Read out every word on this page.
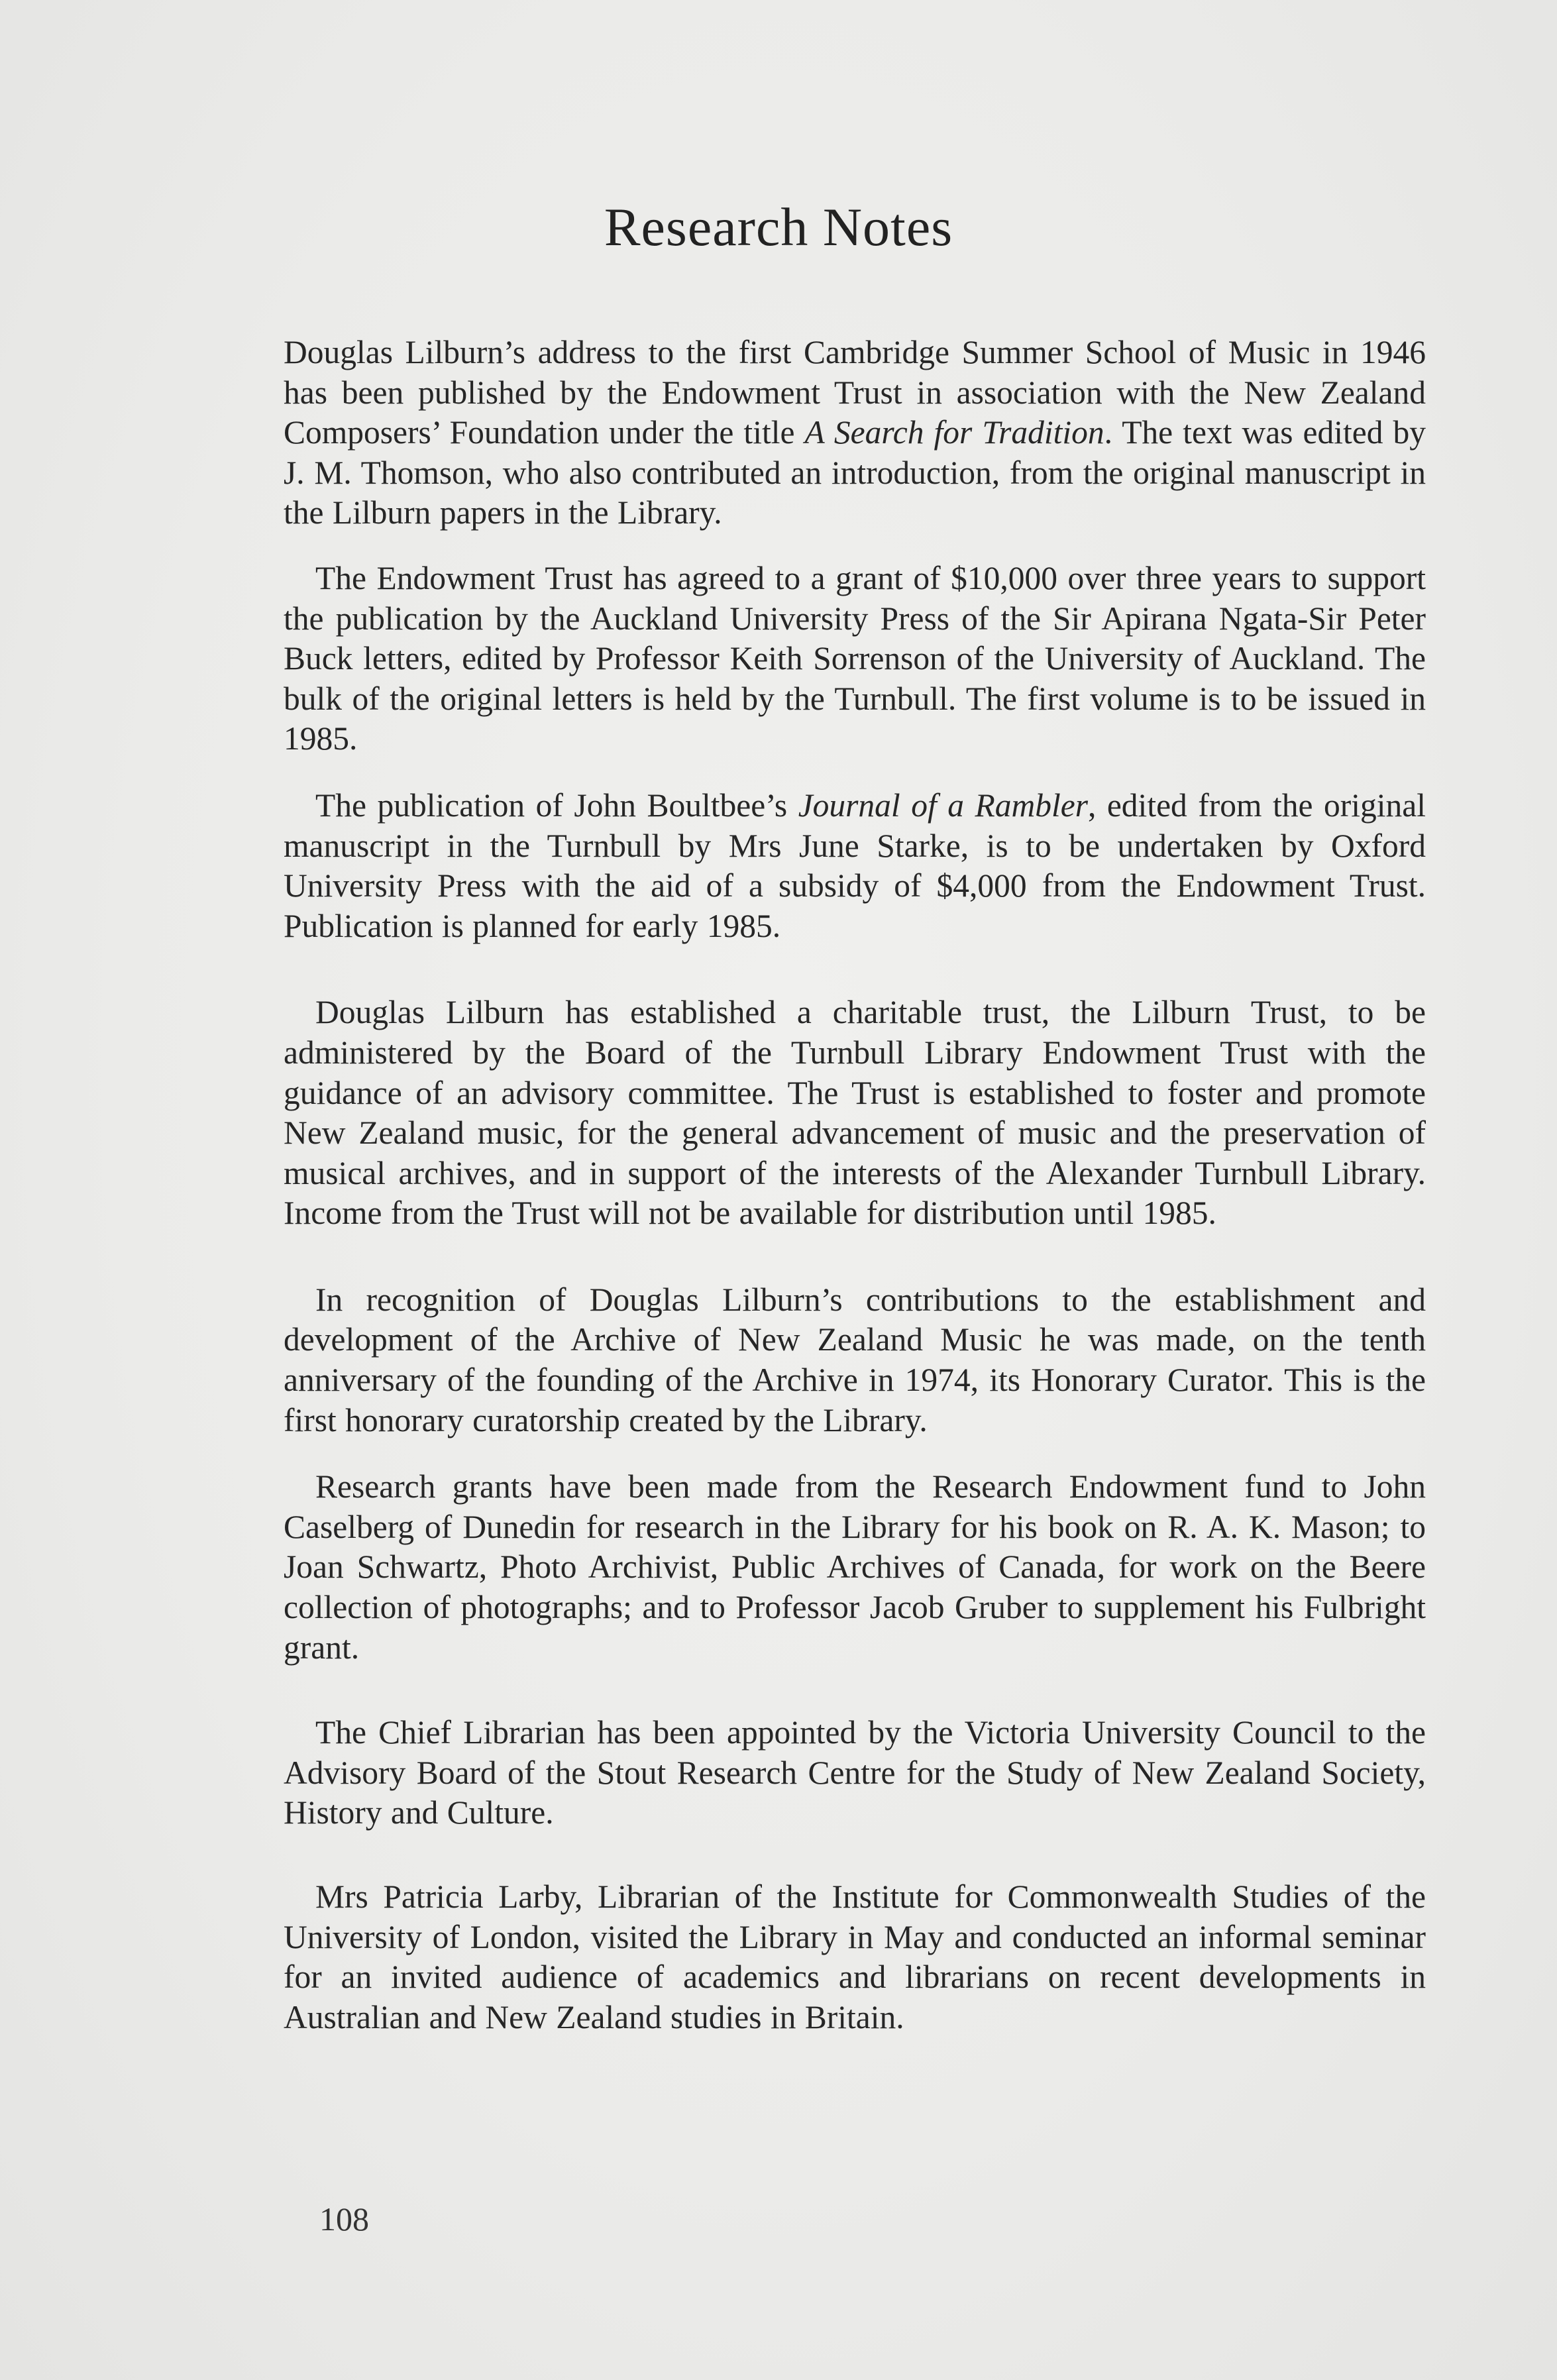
Research Notes

Douglas Lilburn’s address to the first Cambridge Summer School of Music in 1946 has been published by the Endowment Trust in association with the New Zealand Composers’ Foundation under the title A Search for Tradition. The text was edited by J. M. Thomson, who also contributed an introduction, from the original manuscript in the Lilburn papers in the Library.

The Endowment Trust has agreed to a grant of $10,000 over three years to support the publication by the Auckland University Press of the Sir Apirana Ngata-Sir Peter Buck letters, edited by Professor Keith Sorrenson of the University of Auckland. The bulk of the original letters is held by the Turnbull. The first volume is to be issued in 1985.

The publication of John Boultbee’s Journal of a Rambler, edited from the original manuscript in the Turnbull by Mrs June Starke, is to be undertaken by Oxford University Press with the aid of a subsidy of $4,000 from the Endowment Trust. Publication is planned for early 1985.

Douglas Lilburn has established a charitable trust, the Lilburn Trust, to be administered by the Board of the Turnbull Library Endowment Trust with the guidance of an advisory committee. The Trust is established to foster and promote New Zealand music, for the general advancement of music and the preservation of musical archives, and in support of the interests of the Alexander Turnbull Library. Income from the Trust will not be available for distribution until 1985.

In recognition of Douglas Lilburn’s contributions to the establishment and development of the Archive of New Zealand Music he was made, on the tenth anniversary of the founding of the Archive in 1974, its Honorary Curator. This is the first honorary curatorship created by the Library.

Research grants have been made from the Research Endowment fund to John Caselberg of Dunedin for research in the Library for his book on R. A. K. Mason; to Joan Schwartz, Photo Archivist, Public Archives of Canada, for work on the Beere collection of photographs; and to Professor Jacob Gruber to supplement his Fulbright grant.

The Chief Librarian has been appointed by the Victoria University Council to the Advisory Board of the Stout Research Centre for the Study of New Zealand Society, History and Culture.

Mrs Patricia Larby, Librarian of the Institute for Commonwealth Studies of the University of London, visited the Library in May and conducted an informal seminar for an invited audience of academics and librarians on recent developments in Australian and New Zealand studies in Britain.

108
